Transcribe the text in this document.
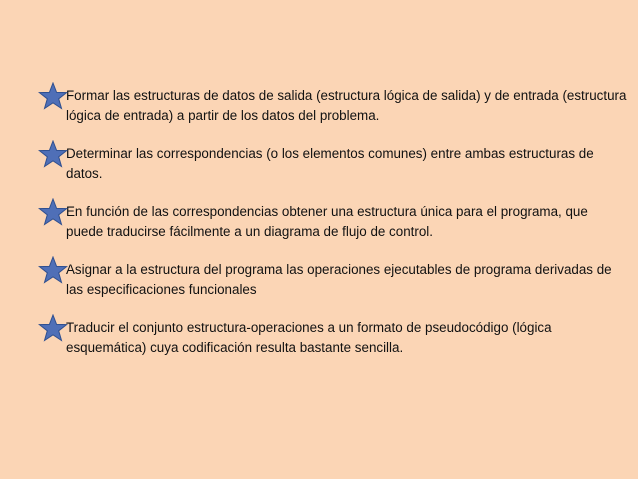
Formar las estructuras de datos de salida (estructura lógica de salida) y de entrada (estructura lógica de entrada) a partir de los datos del problema.
Determinar las correspondencias (o los elementos comunes) entre ambas estructuras de datos.
En función de las correspondencias obtener una estructura única para el programa, que puede traducirse fácilmente a un diagrama de flujo de control.
Asignar a la estructura del programa las operaciones ejecutables de programa derivadas de las especificaciones funcionales
Traducir el conjunto estructura-operaciones a un formato de pseudocódigo (lógica esquemática) cuya codificación resulta bastante sencilla.
